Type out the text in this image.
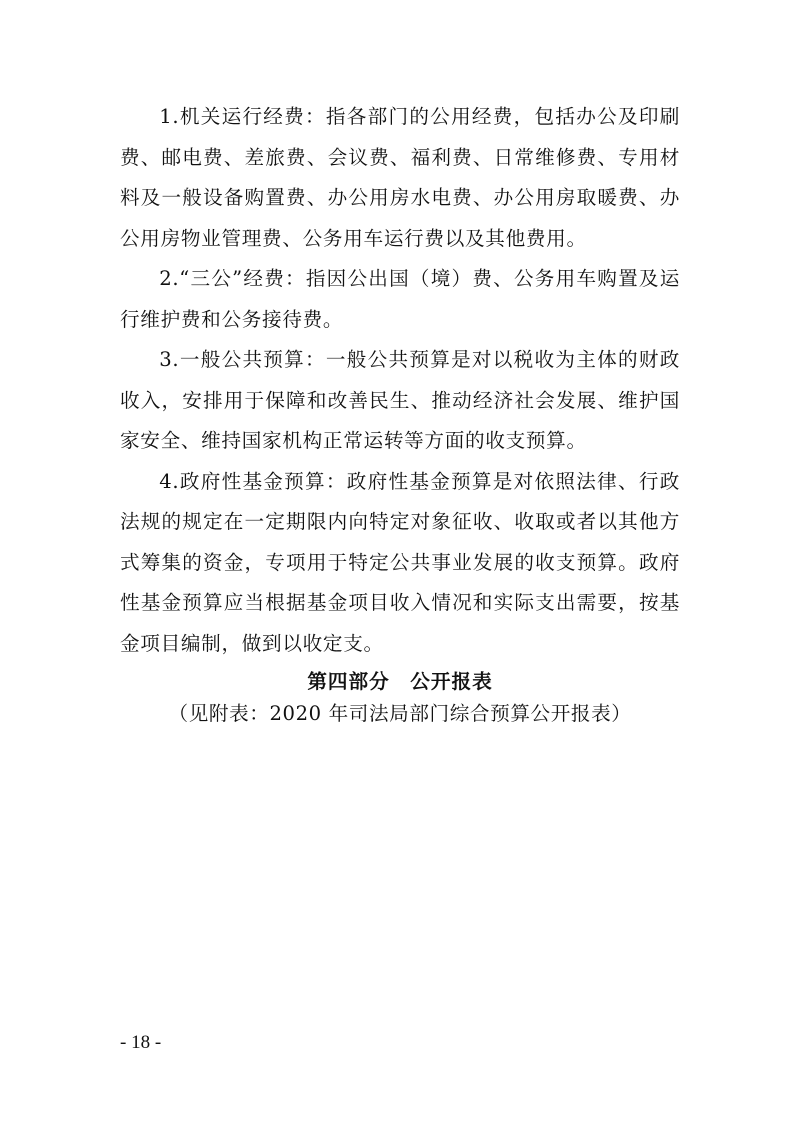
1.机关运行经费：指各部门的公用经费，包括办公及印刷费、邮电费、差旅费、会议费、福利费、日常维修费、专用材料及一般设备购置费、办公用房水电费、办公用房取暖费、办公用房物业管理费、公务用车运行费以及其他费用。

2.“三公”经费：指因公出国（境）费、公务用车购置及运行维护费和公务接待费。

3.一般公共预算：一般公共预算是对以税收为主体的财政收入，安排用于保障和改善民生、推动经济社会发展、维护国家安全、维持国家机构正常运转等方面的收支预算。

4.政府性基金预算：政府性基金预算是对依照法律、行政法规的规定在一定期限内向特定对象征收、收取或者以其他方式筹集的资金，专项用于特定公共事业发展的收支预算。政府性基金预算应当根据基金项目收入情况和实际支出需要，按基金项目编制，做到以收定支。

第四部分　公开报表

（见附表：2020 年司法局部门综合预算公开报表）

- 18 -
